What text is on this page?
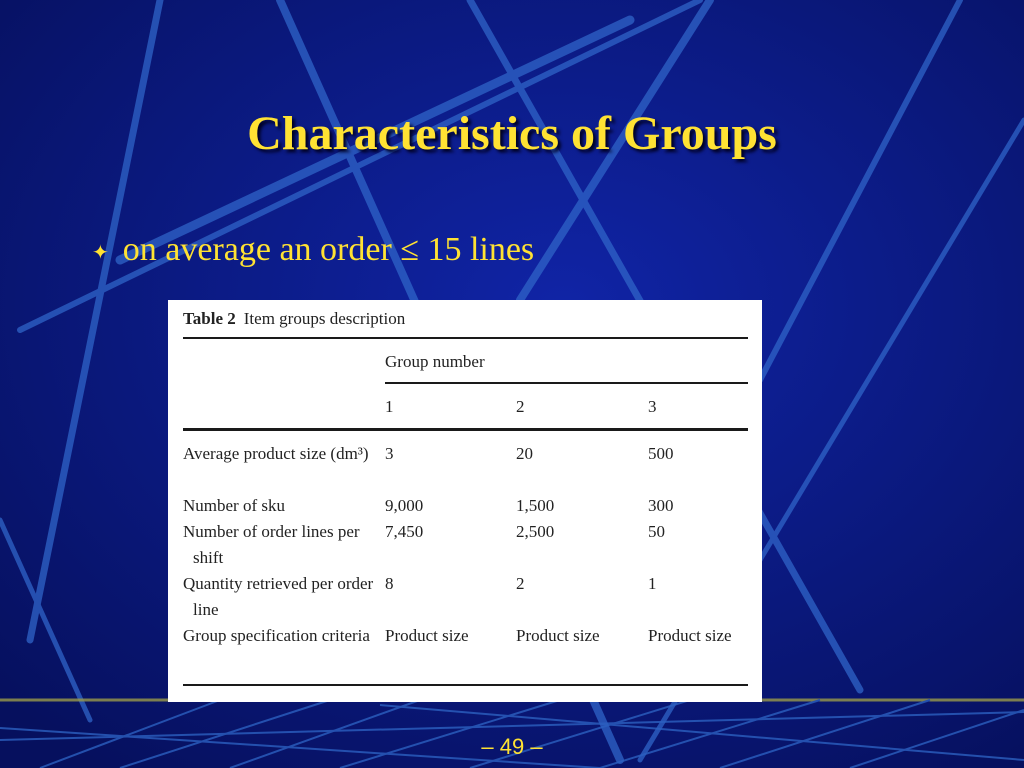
Characteristics of Groups
✦ on average an order ≤ 15 lines
Table 2 Item groups description
Group number
1	2	3
Average product size (dm³) 3	20	500
Number of sku	9,000	1,500	300
Number of order lines per shift
7,450	2,500	50
Quantity retrieved per order line
8	2	1
Group specification criteria Product size	Product size	Product size
– 49 –
